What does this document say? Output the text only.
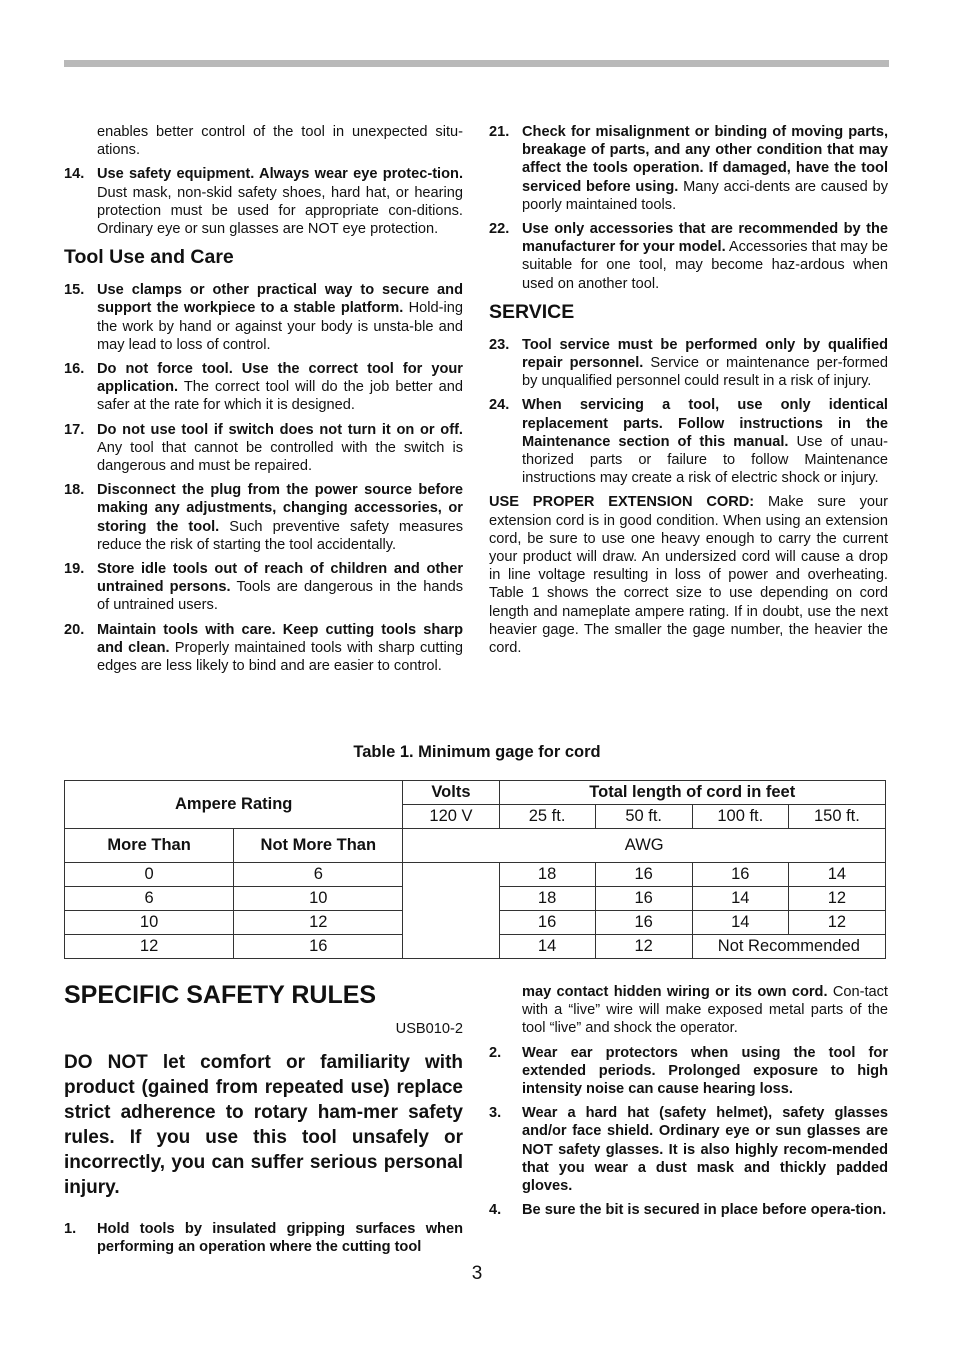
enables better control of the tool in unexpected situ-ations.
14. Use safety equipment. Always wear eye protec-tion. Dust mask, non-skid safety shoes, hard hat, or hearing protection must be used for appropriate con-ditions. Ordinary eye or sun glasses are NOT eye protection.
Tool Use and Care
15. Use clamps or other practical way to secure and support the workpiece to a stable platform. Hold-ing the work by hand or against your body is unsta-ble and may lead to loss of control.
16. Do not force tool. Use the correct tool for your application. The correct tool will do the job better and safer at the rate for which it is designed.
17. Do not use tool if switch does not turn it on or off. Any tool that cannot be controlled with the switch is dangerous and must be repaired.
18. Disconnect the plug from the power source before making any adjustments, changing accessories, or storing the tool. Such preventive safety measures reduce the risk of starting the tool accidentally.
19. Store idle tools out of reach of children and other untrained persons. Tools are dangerous in the hands of untrained users.
20. Maintain tools with care. Keep cutting tools sharp and clean. Properly maintained tools with sharp cutting edges are less likely to bind and are easier to control.
21. Check for misalignment or binding of moving parts, breakage of parts, and any other condition that may affect the tools operation. If damaged, have the tool serviced before using. Many acci-dents are caused by poorly maintained tools.
22. Use only accessories that are recommended by the manufacturer for your model. Accessories that may be suitable for one tool, may become haz-ardous when used on another tool.
SERVICE
23. Tool service must be performed only by qualified repair personnel. Service or maintenance per-formed by unqualified personnel could result in a risk of injury.
24. When servicing a tool, use only identical replacement parts. Follow instructions in the Maintenance section of this manual. Use of unau-thorized parts or failure to follow Maintenance instructions may create a risk of electric shock or injury.
USE PROPER EXTENSION CORD: Make sure your extension cord is in good condition. When using an extension cord, be sure to use one heavy enough to carry the current your product will draw. An undersized cord will cause a drop in line voltage resulting in loss of power and overheating. Table 1 shows the correct size to use depending on cord length and nameplate ampere rating. If in doubt, use the next heavier gage. The smaller the gage number, the heavier the cord.
Table 1. Minimum gage for cord
Ampere Rating		Volts	Total length of cord in feet			
		120 V	25 ft.	50 ft.	100 ft.	150 ft.
More Than	Not More Than	AWG				
0	6		18	16	16	14
6	10		18	16	14	12
10	12		16	16	14	12
12	16		14	12	Not Recommended	
SPECIFIC SAFETY RULES
USB010-2
DO NOT let comfort or familiarity with product (gained from repeated use) replace strict adherence to rotary ham-mer safety rules. If you use this tool unsafely or incorrectly, you can suffer serious personal injury.
1. Hold tools by insulated gripping surfaces when performing an operation where the cutting tool
may contact hidden wiring or its own cord. Con-tact with a “live” wire will make exposed metal parts of the tool “live” and shock the operator.
2. Wear ear protectors when using the tool for extended periods. Prolonged exposure to high intensity noise can cause hearing loss.
3. Wear a hard hat (safety helmet), safety glasses and/or face shield. Ordinary eye or sun glasses are NOT safety glasses. It is also highly recom-mended that you wear a dust mask and thickly padded gloves.
4. Be sure the bit is secured in place before opera-tion.
3
